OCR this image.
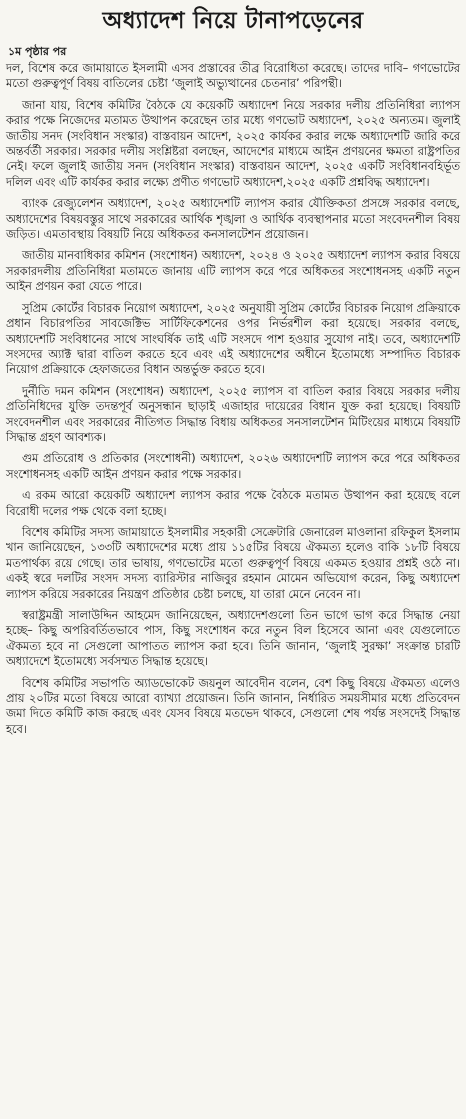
অধ্যাদেশ নিয়ে টানাপড়েনের
১ম পৃষ্ঠার পর

দল, বিশেষ করে জামায়াতে ইসলামী এসব প্রস্তাবের তীব্র বিরোধিতা করেছে। তাদের দাবি– গণভোটের মতো গুরুত্বপূর্ণ বিষয় বাতিলের চেষ্টা ‘জুলাই অভ্যুত্থানের চেতনার’ পরিপন্থী।

জানা যায়, বিশেষ কমিটির বৈঠকে যে কয়েকটি অধ্যাদেশ নিয়ে সরকার দলীয় প্রতিনিধিরা ল্যাপস করার পক্ষে নিজেদের মতামত উত্থাপন করেছেন তার মধ্যে গণভোট অধ্যাদেশ, ২০২৫ অন্যতম। জুলাই জাতীয় সনদ (সংবিধান সংস্কার) বাস্তবায়ন আদেশ, ২০২৫ কার্যকর করার লক্ষে অধ্যাদেশটি জারি করে অন্তর্বর্তী সরকার। সরকার দলীয় সংশ্লিষ্টরা বলছেন, আদেশের মাধ্যমে আইন প্রণয়নের ক্ষমতা রাষ্ট্রপতির নেই। ফলে জুলাই জাতীয় সনদ (সংবিধান সংস্কার) বাস্তবায়ন আদেশ, ২০২৫ একটি সংবিধানবহির্ভূত দলিল এবং এটি কার্যকর করার লক্ষ্যে প্রণীত গণভোট অধ্যাদেশ,২০২৫ একটি প্রশ্নবিদ্ধ অধ্যাদেশ।

ব্যাংক রেজ্যুলেশন অধ্যাদেশ, ২০২৫ অধ্যাদেশটি ল্যাপস করার যৌক্তিকতা প্রসঙ্গে সরকার বলছে, অধ্যাদেশের বিষয়বস্তুর সাথে সরকারের আর্থিক শৃঙ্খলা ও আর্থিক ব্যবস্থাপনার মতো সংবেদনশীল বিষয় জড়িত। এমতাবস্থায় বিষয়টি নিয়ে অধিকতর কনসালটেশন প্রয়োজন।

জাতীয় মানবাধিকার কমিশন (সংশোধন) অধ্যাদেশ, ২০২৪ ও ২০২৫ অধ্যাদেশ ল্যাপস করার বিষয়ে সরকারদলীয় প্রতিনিধিরা মতামতে জানায় এটি ল্যাপস করে পরে অধিকতর সংশোধনসহ একটি নতুন আইন প্রণয়ন করা যেতে পারে।

সুপ্রিম কোর্টের বিচারক নিয়োগ অধ্যাদেশ, ২০২৫ অনুযায়ী সুপ্রিম কোর্টের বিচারক নিয়োগ প্রক্রিয়াকে প্রধান বিচারপতির সাবজেক্টিভ সার্টিফিকেশনের ওপর নির্ভরশীল করা হয়েছে। সরকার বলছে, অধ্যাদেশটি সংবিধানের সাথে সাংঘর্ষিক তাই এটি সংসদে পাশ হওয়ার সুযোগ নাই। তবে, অধ্যাদেশটি সংসদের অ্যাক্ট দ্বারা বাতিল করতে হবে এবং এই অধ্যাদেশের অধীনে ইতোমধ্যে সম্পাদিত বিচারক নিয়োগ প্রক্রিয়াকে হেফাজতের বিধান অন্তর্ভুক্ত করতে হবে।

দুর্নীতি দমন কমিশন (সংশোধন) অধ্যাদেশ, ২০২৫ ল্যাপস বা বাতিল করার বিষয়ে সরকার দলীয় প্রতিনিধিদের যুক্তি তদন্তপূর্ব অনুসন্ধান ছাড়াই এজাহার দায়েরের বিধান যুক্ত করা হয়েছে। বিষয়টি সংবেদনশীল এবং সরকারের নীতিগত সিদ্ধান্ত বিধায় অধিকতর সনসালটেশন মিটিংয়ের মাধ্যমে বিষয়টি সিদ্ধান্ত গ্রহণ আবশ্যক।

গুম প্রতিরোধ ও প্রতিকার (সংশোধনী) অধ্যাদেশ, ২০২৬ অধ্যাদেশটি ল্যাপস করে পরে অধিকতর সংশোধনসহ একটি আইন প্রণয়ন করার পক্ষে সরকার।

এ রকম আরো কয়েকটি অধ্যাদেশ ল্যাপস করার পক্ষে বৈঠকে মতামত উত্থাপন করা হয়েছে বলে বিরোধী দলের পক্ষ থেকে বলা হচ্ছে।

বিশেষ কমিটির সদস্য জামায়াতে ইসলামীর সহকারী সেক্রেটারি জেনারেল মাওলানা রফিকুল ইসলাম খান জানিয়েছেন, ১৩৩টি অধ্যাদেশের মধ্যে প্রায় ১১৫টির বিষয়ে ঐকমত্য হলেও বাকি ১৮টি বিষয়ে মতপার্থক্য রয়ে গেছে। তার ভাষায়, গণভোটের মতো গুরুত্বপূর্ণ বিষয়ে একমত হওয়ার প্রশ্নই ওঠে না। একই স্বরে দলটির সংসদ সদস্য ব্যারিস্টার নাজিবুর রহমান মোমেন অভিযোগ করেন, কিছু অধ্যাদেশ ল্যাপস করিয়ে সরকারের নিয়ন্ত্রণ প্রতিষ্ঠার চেষ্টা চলছে, যা তারা মেনে নেবেন না।

স্বরাষ্ট্রমন্ত্রী সালাউদ্দিন আহমেদ জানিয়েছেন, অধ্যাদেশগুলো তিন ভাগে ভাগ করে সিদ্ধান্ত নেয়া হচ্ছে– কিছু অপরিবর্তিতভাবে পাস, কিছু সংশোধন করে নতুন বিল হিসেবে আনা এবং যেগুলোতে ঐকমত্য হবে না সেগুলো আপাতত ল্যাপস করা হবে। তিনি জানান, ‘জুলাই সুরক্ষা’ সংক্রান্ত চারটি অধ্যাদেশে ইতোমধ্যে সর্বসম্মত সিদ্ধান্ত হয়েছে।

বিশেষ কমিটির সভাপতি অ্যাডভোকেট জয়নুল আবেদীন বলেন, বেশ কিছু বিষয়ে ঐকমত্য এলেও প্রায় ২০টির মতো বিষয়ে আরো ব্যাখ্যা প্রয়োজন। তিনি জানান, নির্ধারিত সময়সীমার মধ্যে প্রতিবেদন জমা দিতে কমিটি কাজ করছে এবং যেসব বিষয়ে মতভেদ থাকবে, সেগুলো শেষ পর্যন্ত সংসদেই সিদ্ধান্ত হবে।
